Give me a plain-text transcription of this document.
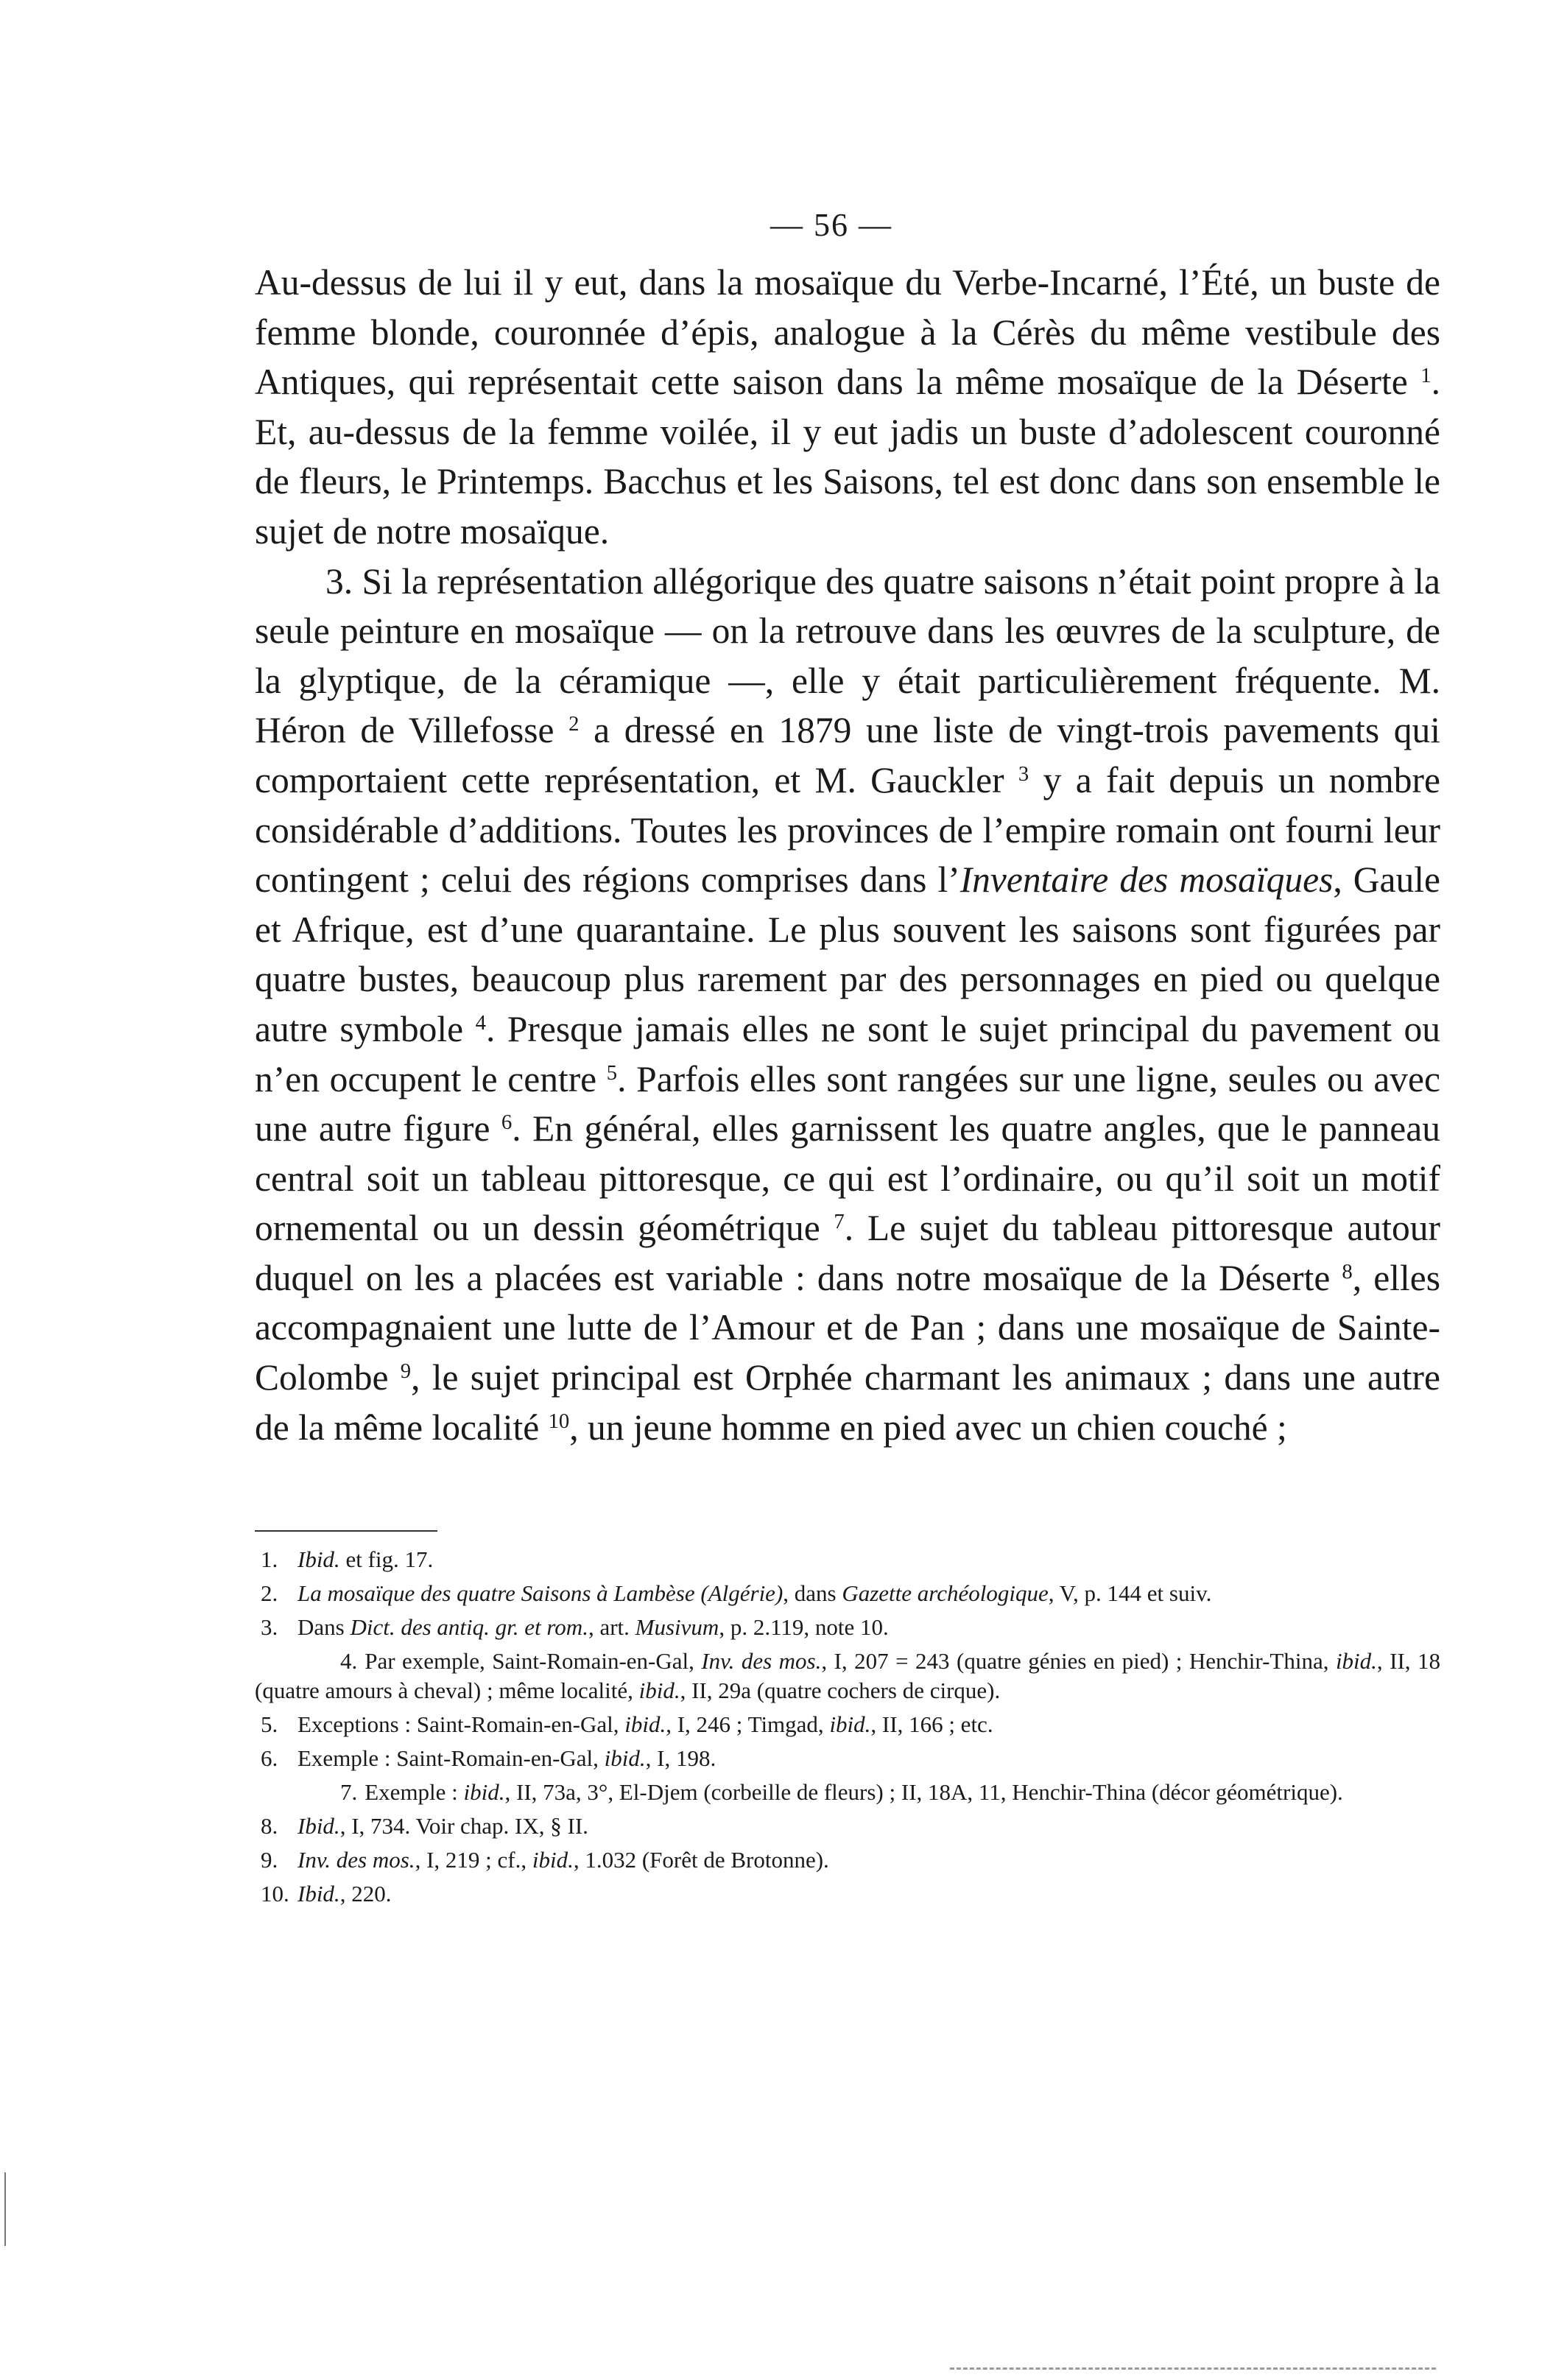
— 56 —

Au-dessus de lui il y eut, dans la mosaïque du Verbe-Incarné, l’Été, un buste de femme blonde, couronnée d’épis, analogue à la Cérès du même vestibule des Antiques, qui représentait cette saison dans la même mosaïque de la Déserte $^1$. Et, au-dessus de la femme voilée, il y eut jadis un buste d’adolescent couronné de fleurs, le Printemps. Bacchus et les Saisons, tel est donc dans son ensemble le sujet de notre mosaïque.

3. Si la représentation allégorique des quatre saisons n’était point propre à la seule peinture en mosaïque — on la retrouve dans les œuvres de la sculpture, de la glyptique, de la céramique —, elle y était particulièrement fréquente. M. Héron de Villefosse $^2$ a dressé en 1879 une liste de vingt-trois pavements qui comportaient cette représentation, et M. Gauckler $^3$ y a fait depuis un nombre considérable d’additions. Toutes les provinces de l’empire romain ont fourni leur contingent ; celui des régions comprises dans l’Inventaire des mosaïques, Gaule et Afrique, est d’une quarantaine. Le plus souvent les saisons sont figurées par quatre bustes, beaucoup plus rarement par des personnages en pied ou quelque autre symbole $^4$. Presque jamais elles ne sont le sujet principal du pavement ou n’en occupent le centre $^5$. Parfois elles sont rangées sur une ligne, seules ou avec une autre figure $^6$. En général, elles garnissent les quatre angles, que le panneau central soit un tableau pittoresque, ce qui est l’ordinaire, ou qu’il soit un motif ornemental ou un dessin géométrique $^7$. Le sujet du tableau pittoresque autour duquel on les a placées est variable : dans notre mosaïque de la Déserte $^8$, elles accompagnaient une lutte de l’Amour et de Pan ; dans une mosaïque de Sainte-Colombe $^9$, le sujet principal est Orphée charmant les animaux ; dans une autre de la même localité $^{10}$, un jeune homme en pied avec un chien couché ;

1. Ibid. et fig. 17.

2. La mosaïque des quatre Saisons à Lambèse (Algérie), dans Gazette archéologique, V, p. 144 et suiv.

3. Dans Dict. des antiq. gr. et rom., art. Musivum, p. 2.119, note 10.

4. Par exemple, Saint-Romain-en-Gal, Inv. des mos., I, 207 = 243 (quatre génies en pied) ; Henchir-Thina, ibid., II, 18 (quatre amours à cheval) ; même localité, ibid., II, 29a (quatre cochers de cirque).

5. Exceptions : Saint-Romain-en-Gal, ibid., I, 246 ; Timgad, ibid., II, 166 ; etc.

6. Exemple : Saint-Romain-en-Gal, ibid., I, 198.

7. Exemple : ibid., II, 73a, 3°, El-Djem (corbeille de fleurs) ; II, 18A, 11, Henchir-Thina (décor géométrique).

8. Ibid., I, 734. Voir chap. IX, § II.

9. Inv. des mos., I, 219 ; cf., ibid., 1.032 (Forêt de Brotonne).

10. Ibid., 220.
